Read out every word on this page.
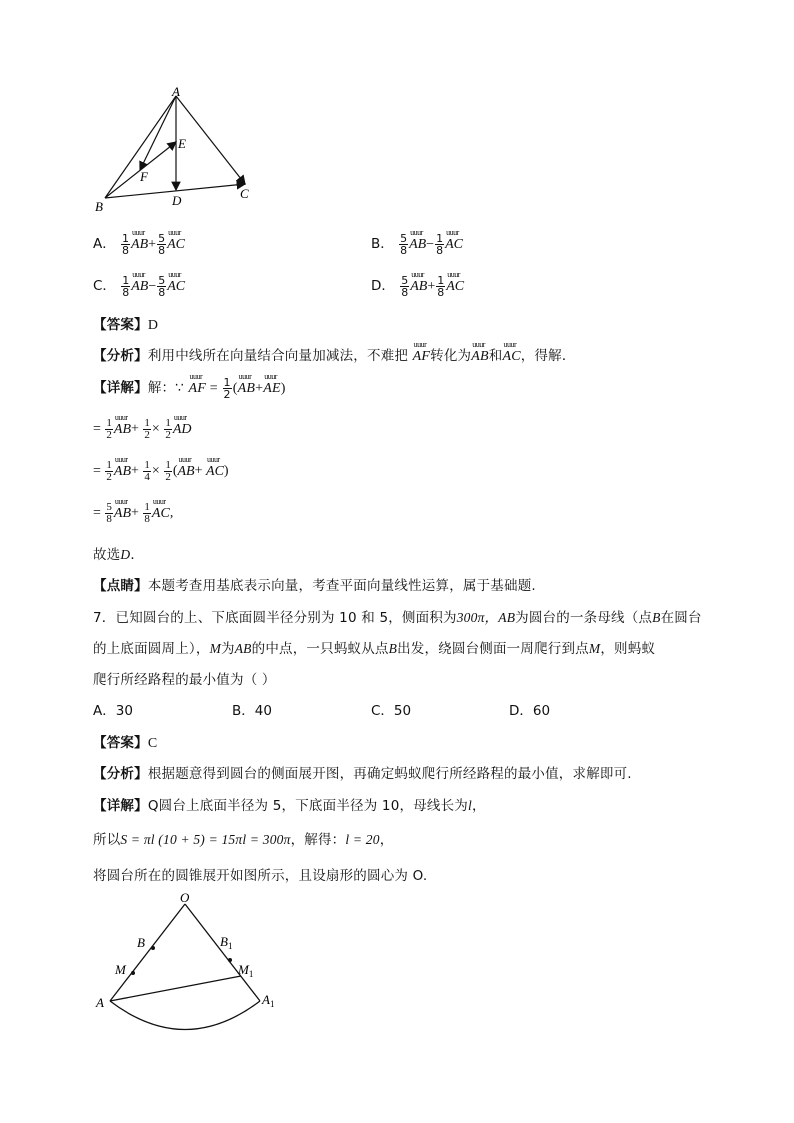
A
B
C
D
E
F
A． $\frac{1}{8}$ uuur $AB+ \frac{5}{8}$ uuur AC	B． $\frac{5}{8}$ uuur $AB- \frac{1}{8}$ uuur AC
C． $\frac{1}{8}$ uuur $AB- \frac{5}{8}$ uuur AC	D． $\frac{5}{8}$ uuur $AB+ \frac{1}{8}$ uuur AC
【答案】D
【分析】利用中线所在向量结合向量加减法，不难把 uuur AF转化为uuur AB和uuur AC，得解．
【详解】解：∵ uuur AF = $\frac{1}{2}$ (uuur AB+uuur AE)
= $\frac{1}{2}$ uuur $AB+ \frac{1}{2} \times \frac{1}{2}$ uuur AD
= $\frac{1}{2}$ uuur $AB+ \frac{1}{4} \times \frac{1}{2}$ (uuur AB+ uuur AC)
= $\frac{5}{8}$ uuur $AB+ \frac{1}{8}$ uuur AC,
故选D．
【点睛】本题考查用基底表示向量，考查平面向量线性运算，属于基础题.
7．已知圆台的上、下底面圆半径分别为 10 和 5，侧面积为300π，AB为圆台的一条母线（点B在圆台
的上底面圆周上），M为AB的中点，一只蚂蚁从点B出发，绕圆台侧面一周爬行到点M，则蚂蚁
爬行所经路程的最小值为（ ）
A．30	B．40	C．50	D．60
【答案】C
【分析】根据题意得到圆台的侧面展开图，再确定蚂蚁爬行所经路程的最小值，求解即可.
【详解】Q圆台上底面半径为 5，下底面半径为 10，母线长为l，
所以S = πl (10 + 5) = 15πl = 300π，解得：l = 20，
将圆台所在的圆锥展开如图所示，且设扇形的圆心为 O.
O
B
M
A
$B_1$
$M_1$
$A_1$
